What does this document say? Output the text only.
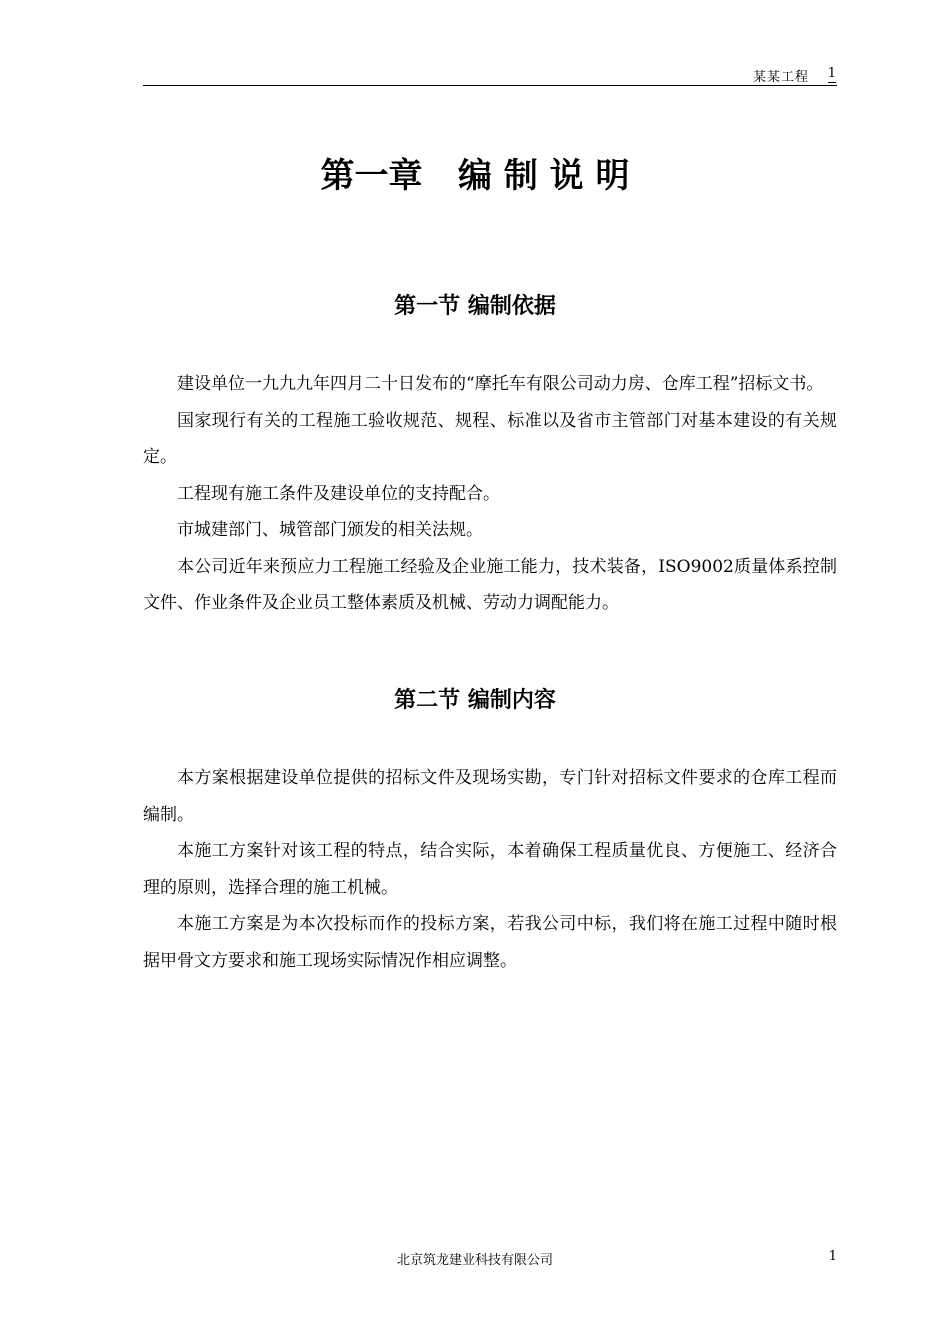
某某工程 1
第一章   编 制 说 明
第一节 编制依据

建设单位一九九九年四月二十日发布的“摩托车有限公司动力房、仓库工程”招标文书。

国家现行有关的工程施工验收规范、规程、标准以及省市主管部门对基本建设的有关规定。

工程现有施工条件及建设单位的支持配合。

市城建部门、城管部门颁发的相关法规。

本公司近年来预应力工程施工经验及企业施工能力，技术装备，ISO9002质量体系控制文件、作业条件及企业员工整体素质及机械、劳动力调配能力。

第二节 编制内容

本方案根据建设单位提供的招标文件及现场实勘，专门针对招标文件要求的仓库工程而编制。

本施工方案针对该工程的特点，结合实际，本着确保工程质量优良、方便施工、经济合理的原则，选择合理的施工机械。

本施工方案是为本次投标而作的投标方案，若我公司中标，我们将在施工过程中随时根据甲骨文方要求和施工现场实际情况作相应调整。

北京筑龙建业科技有限公司	1
